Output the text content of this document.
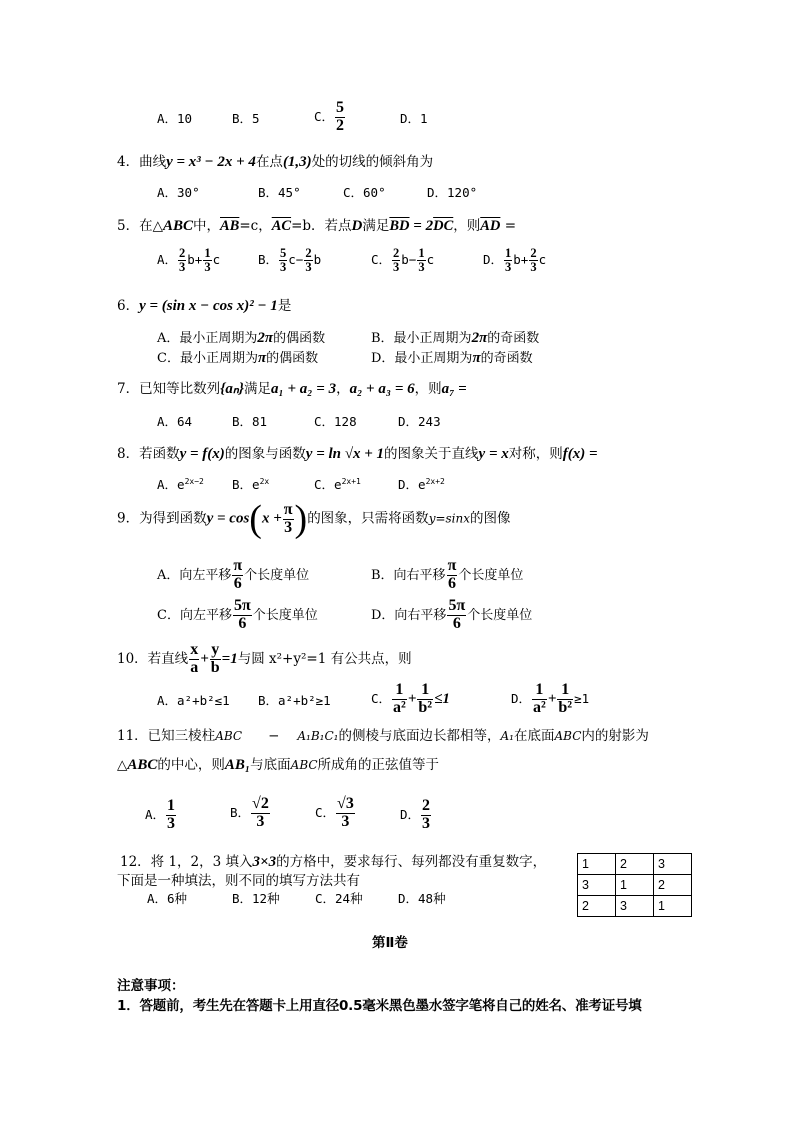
A．10	B．5	C． $\frac{5}{2}$	D．1
4．曲线y = x³ − 2x + 4在点(1,3)处的切线的倾斜角为
A．30°	B．45°	C．60°	D．120°
5．在△ABC中，$\overline{AB}=c$，$\overline{AC}=b$．若点D满足$\overline{BD} = 2\overline{DC}$，则$\overline{AD}$ =
A． $\frac{2}{3} b+ \frac{1}{3}$ c	B． $\frac{5}{3} c- \frac{2}{3}$ b	C． $\frac{2}{3} b- \frac{1}{3}$ c	D． $\frac{1}{3} b+ \frac{2}{3}$ c
6．y = (sin x − cos x)² − 1是
A．最小正周期为2π的偶函数	B．最小正周期为2π的奇函数
C．最小正周期为π的偶函数	D．最小正周期为π的奇函数
7．已知等比数列{aₙ}满足a₁ + a₂ = 3，a₂ + a₃ = 6，则a₇ =
A．64	B．81	C．128	D．243
8．若函数y = f(x)的图象与函数y = ln √x + 1的图象关于直线y = x对称，则f(x) =
A．$e^{2x-2}$ B．$e^{2x}$	C．$e^{2x+1}$	D．$e^{2x+2}$
9．为得到函数$y = \cos(x + \frac{\pi}{3}$ )的图象，只需将函数y=sinx的图像
A．向左平移 $\frac{\pi}{6}$ 个长度单位	B．向右平移 $\frac{\pi}{6}$ 个长度单位
C．向左平移 $\frac{5\pi}{6}$ 个长度单位	D．向右平移 $\frac{5\pi}{6}$ 个长度单位
10．若直线 $\frac{x}{a} + \frac{y}{b} =1$与圆 x²+y²=1 有公共点，则
A．a²+b²≤1 B．a²+b²≥1	C． $\frac{1}{\text{a²}} + \frac{1}{\text{b²}} \le 1$	D． $\frac{1}{\text{a²}} + \frac{1}{\text{b²}} \ge 1$
11．已知三棱柱ABC − A₁B₁C₁的侧棱与底面边长都相等，A₁在底面ABC内的射影为
△ABC的中心，则AB₁与底面ABC所成角的正弦值等于
A． $\frac{1}{3}$	B． $\frac{√2}{3}$	C． $\frac{√3}{3}$	D． $\frac{2}{3}$
12．将 1，2，3 填入3×3的方格中，要求每行、每列都没有重复数字，
下面是一种填法，则不同的填写方法共有
A．6种	B．12种	C．24种	D．48种
1	2	3
3	1	2
2	3	1
第Ⅱ卷
注意事项：
1．答题前，考生先在答题卡上用直径0.5毫米黑色墨水签字笔将自己的姓名、准考证号填
